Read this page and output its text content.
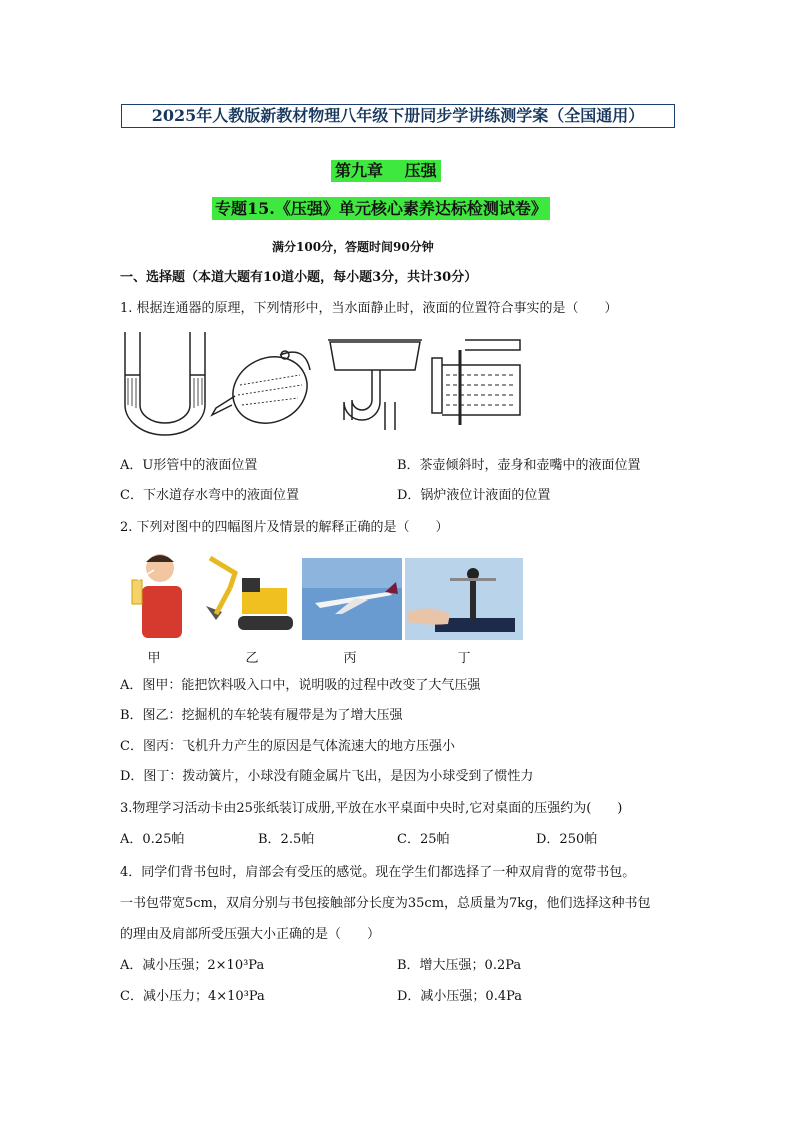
2025年人教版新教材物理八年级下册同步学讲练测学案（全国通用）
第九章　 压强
专题15.《压强》单元核心素养达标检测试卷》
满分100分，答题时间90分钟
一、选择题（本道大题有10道小题，每小题3分，共计30分）
1. 根据连通器的原理，下列情形中，当水面静止时，液面的位置符合事实的是（　　）
A．U形管中的液面位置	B．茶壶倾斜时，壶身和壶嘴中的液面位置
C．下水道存水弯中的液面位置	D．锅炉液位计液面的位置
2. 下列对图中的四幅图片及情景的解释正确的是（　　）
甲	乙	丙	丁
A．图甲：能把饮料吸入口中，说明吸的过程中改变了大气压强
B．图乙：挖掘机的车轮装有履带是为了增大压强
C．图丙：飞机升力产生的原因是气体流速大的地方压强小
D．图丁：拨动簧片，小球没有随金属片飞出，是因为小球受到了惯性力
3.物理学习活动卡由25张纸装订成册,平放在水平桌面中央时,它对桌面的压强约为(　　)
A．0.25帕	B．2.5帕	C．25帕	D．250帕
4．同学们背书包时，肩部会有受压的感觉。现在学生们都选择了一种双肩背的宽带书包。
一书包带宽5cm，双肩分别与书包接触部分长度为35cm，总质量为7kg，他们选择这种书包
的理由及肩部所受压强大小正确的是（　　）
A．减小压强；2×10³Pa	B．增大压强；0.2Pa
C．减小压力；4×10³Pa	D．减小压强；0.4Pa
